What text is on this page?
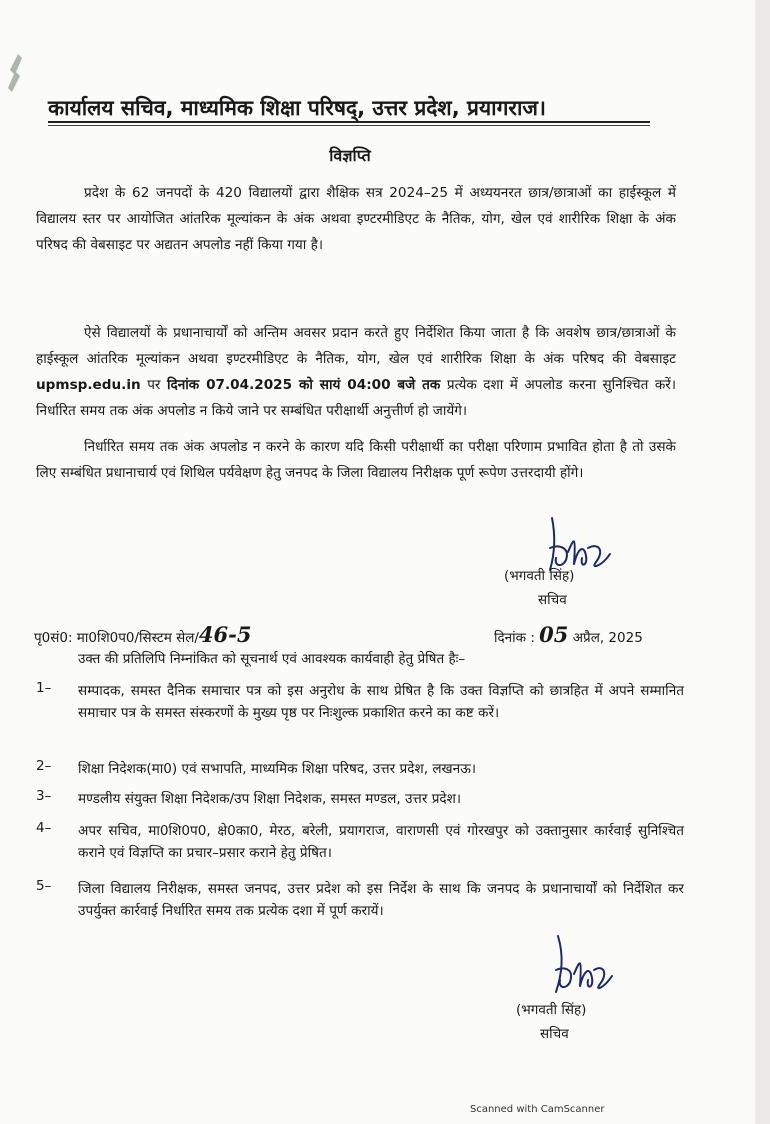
कार्यालय सचिव, माध्यमिक शिक्षा परिषद्, उत्तर प्रदेश, प्रयागराज।
विज्ञप्ति
प्रदेश के 62 जनपदों के 420 विद्यालयों द्वारा शैक्षिक सत्र 2024–25 में अध्ययनरत छात्र/छात्राओं का हाईस्कूल में विद्यालय स्तर पर आयोजित आंतरिक मूल्यांकन के अंक अथवा इण्टरमीडिएट के नैतिक, योग, खेल एवं शारीरिक शिक्षा के अंक परिषद की वेबसाइट पर अद्यतन अपलोड नहीं किया गया है।
ऐसे विद्यालयों के प्रधानाचार्यों को अन्तिम अवसर प्रदान करते हुए निर्देशित किया जाता है कि अवशेष छात्र/छात्राओं के हाईस्कूल आंतरिक मूल्यांकन अथवा इण्टरमीडिएट के नैतिक, योग, खेल एवं शारीरिक शिक्षा के अंक परिषद की वेबसाइट upmsp.edu.in पर दिनांक 07.04.2025 को सायं 04:00 बजे तक प्रत्येक दशा में अपलोड करना सुनिश्चित करें। निर्धारित समय तक अंक अपलोड न किये जाने पर सम्बंधित परीक्षार्थी अनुत्तीर्ण हो जायेंगे।
निर्धारित समय तक अंक अपलोड न करने के कारण यदि किसी परीक्षार्थी का परीक्षा परिणाम प्रभावित होता है तो उसके लिए सम्बंधित प्रधानाचार्य एवं शिथिल पर्यवेक्षण हेतु जनपद के जिला विद्यालय निरीक्षक पूर्ण रूपेण उत्तरदायी होंगे।
(भगवती सिंह)
सचिव
पृ0सं0: मा0शि0प0/सिस्टम सेल/46-5	दिनांक : 05 अप्रैल, 2025
उक्त की प्रतिलिपि निम्नांकित को सूचनार्थ एवं आवश्यक कार्यवाही हेतु प्रेषित हैः–
1– सम्पादक, समस्त दैनिक समाचार पत्र को इस अनुरोध के साथ प्रेषित है कि उक्त विज्ञप्ति को छात्रहित में अपने सम्मानित समाचार पत्र के समस्त संस्करणों के मुख्य पृष्ठ पर निःशुल्क प्रकाशित करने का कष्ट करें।
2– शिक्षा निदेशक(मा0) एवं सभापति, माध्यमिक शिक्षा परिषद, उत्तर प्रदेश, लखनऊ।
3– मण्डलीय संयुक्त शिक्षा निदेशक/उप शिक्षा निदेशक, समस्त मण्डल, उत्तर प्रदेश।
4– अपर सचिव, मा0शि0प0, क्षे0का0, मेरठ, बरेली, प्रयागराज, वाराणसी एवं गोरखपुर को उक्तानुसार कार्रवाई सुनिश्चित कराने एवं विज्ञप्ति का प्रचार–प्रसार कराने हेतु प्रेषित।
5– जिला विद्यालय निरीक्षक, समस्त जनपद, उत्तर प्रदेश को इस निर्देश के साथ कि जनपद के प्रधानाचार्यों को निर्देशित कर उपर्युक्त कार्रवाई निर्धारित समय तक प्रत्येक दशा में पूर्ण करायें।
(भगवती सिंह)
सचिव
Scanned with CamScanner
